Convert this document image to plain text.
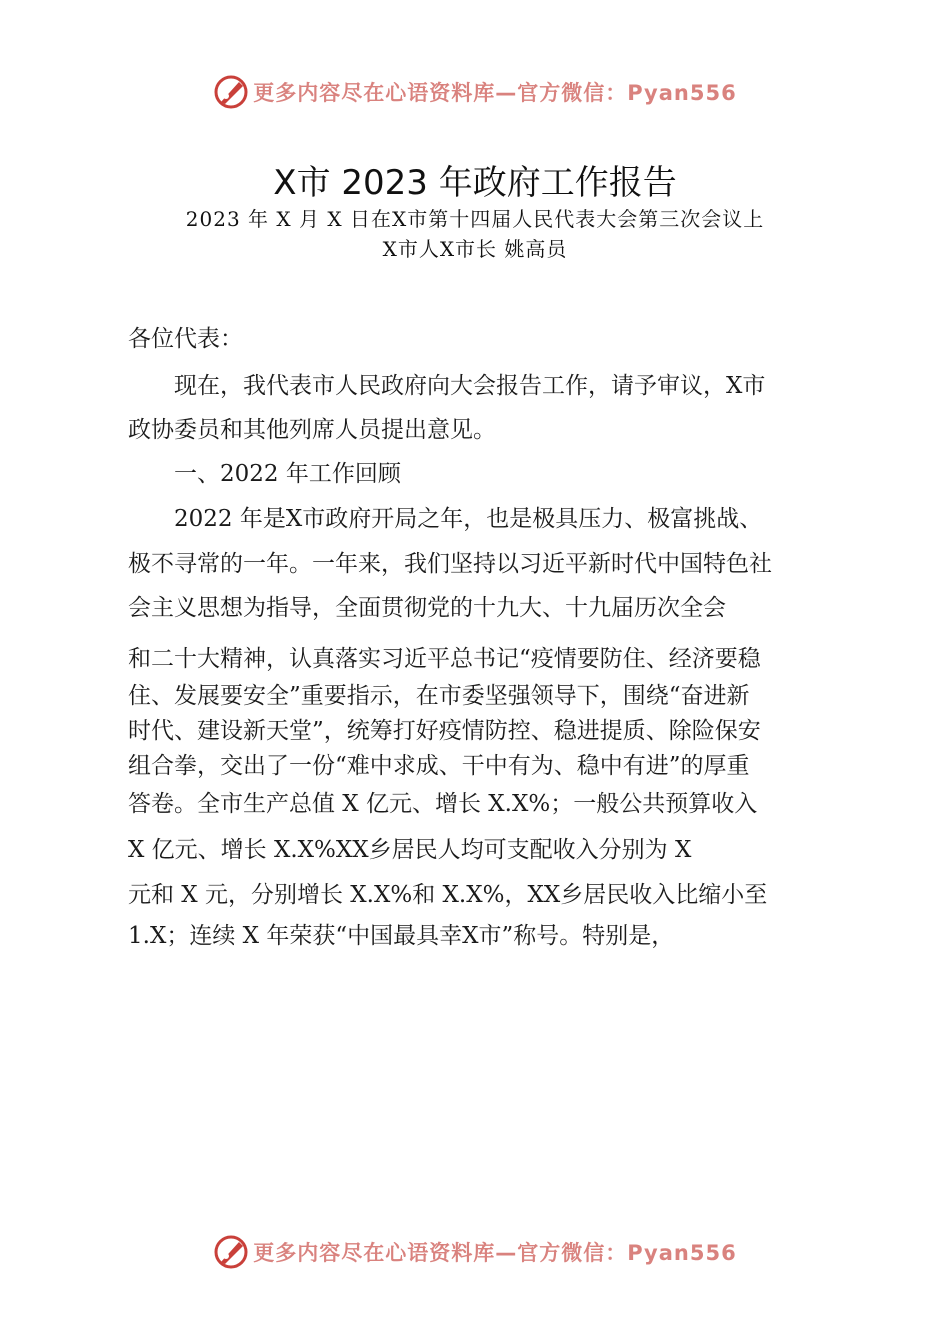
更多内容尽在心语资料库—官方微信：Pyan556
X市 2023 年政府工作报告
2023 年 X 月 X 日在X市第十四届人民代表大会第三次会议上
X市人X市长 姚高员
各位代表：
　　现在，我代表市人民政府向大会报告工作，请予审议，X市
政协委员和其他列席人员提出意见。
　　一、2022 年工作回顾
　　2022 年是X市政府开局之年，也是极具压力、极富挑战、
极不寻常的一年。一年来，我们坚持以习近平新时代中国特色社
会主义思想为指导，全面贯彻党的十九大、十九届历次全会
和二十大精神，认真落实习近平总书记“疫情要防住、经济要稳
住、发展要安全”重要指示，在市委坚强领导下，围绕“奋进新
时代、建设新天堂”，统筹打好疫情防控、稳进提质、除险保安
组合拳，交出了一份“难中求成、干中有为、稳中有进”的厚重
答卷。全市生产总值 X 亿元、增长 X.X%；一般公共预算收入
X 亿元、增长 X.X%XX乡居民人均可支配收入分别为 X
元和 X 元，分别增长 X.X%和 X.X%，XX乡居民收入比缩小至
1.X；连续 X 年荣获“中国最具幸X市”称号。特别是，
更多内容尽在心语资料库—官方微信：Pyan556
